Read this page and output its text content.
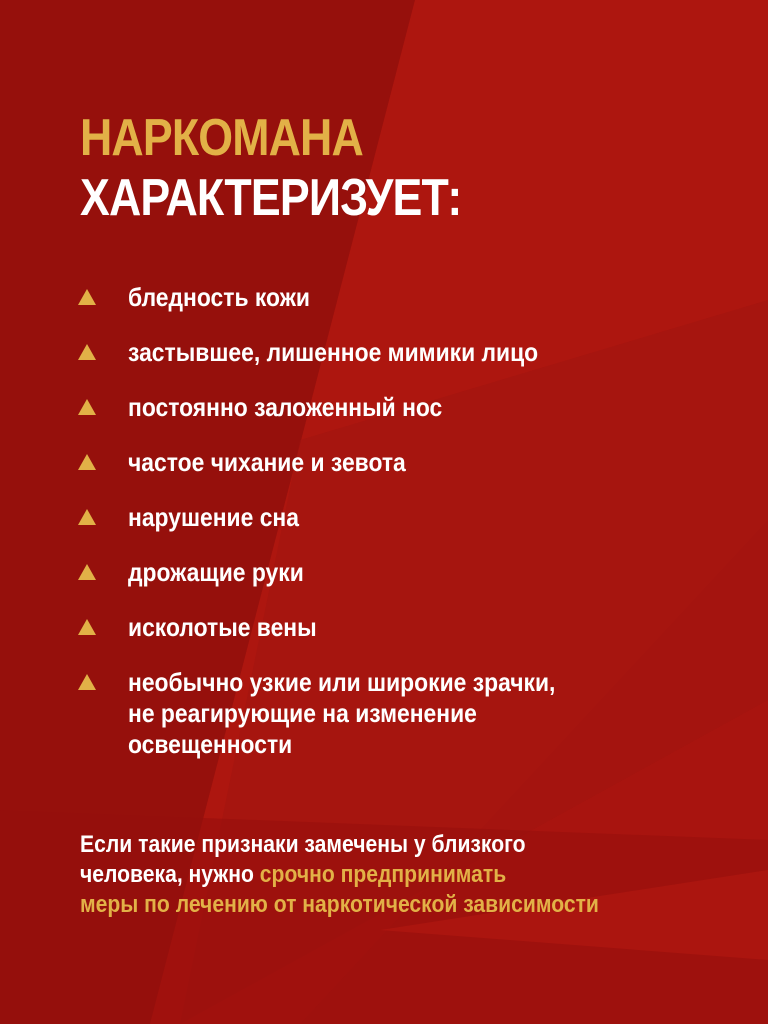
НАРКОМАНА
ХАРАКТЕРИЗУЕТ:
бледность кожи
застывшее, лишенное мимики лицо
постоянно заложенный нос
частое чихание и зевота
нарушение сна
дрожащие руки
исколотые вены
необычно узкие или широкие зрачки,
не реагирующие на изменение
освещенности
Если такие признаки замечены у близкого
человека, нужно срочно предпринимать
меры по лечению от наркотической зависимости
